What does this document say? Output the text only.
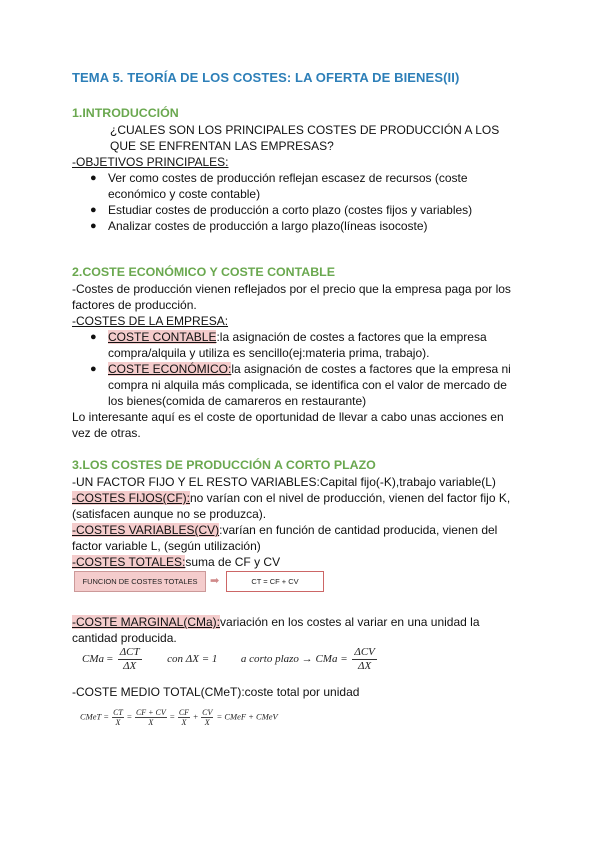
TEMA 5. TEORÍA DE LOS COSTES: LA OFERTA DE BIENES(II)
1.INTRODUCCIÓN
¿CUALES SON LOS PRINCIPALES COSTES DE PRODUCCIÓN A LOS
QUE SE ENFRENTAN LAS EMPRESAS?
-OBJETIVOS PRINCIPALES:
● Ver como costes de producción reflejan escasez de recursos (coste
económico y coste contable)
● Estudiar costes de producción a corto plazo (costes fijos y variables)
● Analizar costes de producción a largo plazo(líneas isocoste)
2.COSTE ECONÓMICO Y COSTE CONTABLE
-Costes de producción vienen reflejados por el precio que la empresa paga por los
factores de producción.
-COSTES DE LA EMPRESA:
● COSTE CONTABLE:la asignación de costes a factores que la empresa
compra/alquila y utiliza es sencillo(ej:materia prima, trabajo).
● COSTE ECONÓMICO:la asignación de costes a factores que la empresa ni
compra ni alquila más complicada, se identifica con el valor de mercado de
los bienes(comida de camareros en restaurante)
Lo interesante aquí es el coste de oportunidad de llevar a cabo unas acciones en
vez de otras.
3.LOS COSTES DE PRODUCCIÓN A CORTO PLAZO
-UN FACTOR FIJO Y EL RESTO VARIABLES:Capital fijo(-K),trabajo variable(L)
-COSTES FIJOS(CF):no varían con el nivel de producción, vienen del factor fijo K,
(satisfacen aunque no se produzca).
-COSTES VARIABLES(CV):varían en función de cantidad producida, vienen del
factor variable L, (según utilización)
-COSTES TOTALES:suma de CF y CV
FUNCION DE COSTES TOTALES	➡	CT = CF + CV
-COSTE MARGINAL(CMa):variación en los costes al variar en una unidad la
cantidad producida.
CMa = $\frac{\text{ΔCT}}{\Delta X}$ con ΔX = 1 a corto plazo → CMa = $\frac{\text{ΔCV}}{\Delta X}$
-COSTE MEDIO TOTAL(CMeT):coste total por unidad
CMeT = $\frac{CT}{X} = \frac{CF + CV}{X} = \frac{CF}{X} + \frac{CV}{X}$ = CMeF + CMeV
